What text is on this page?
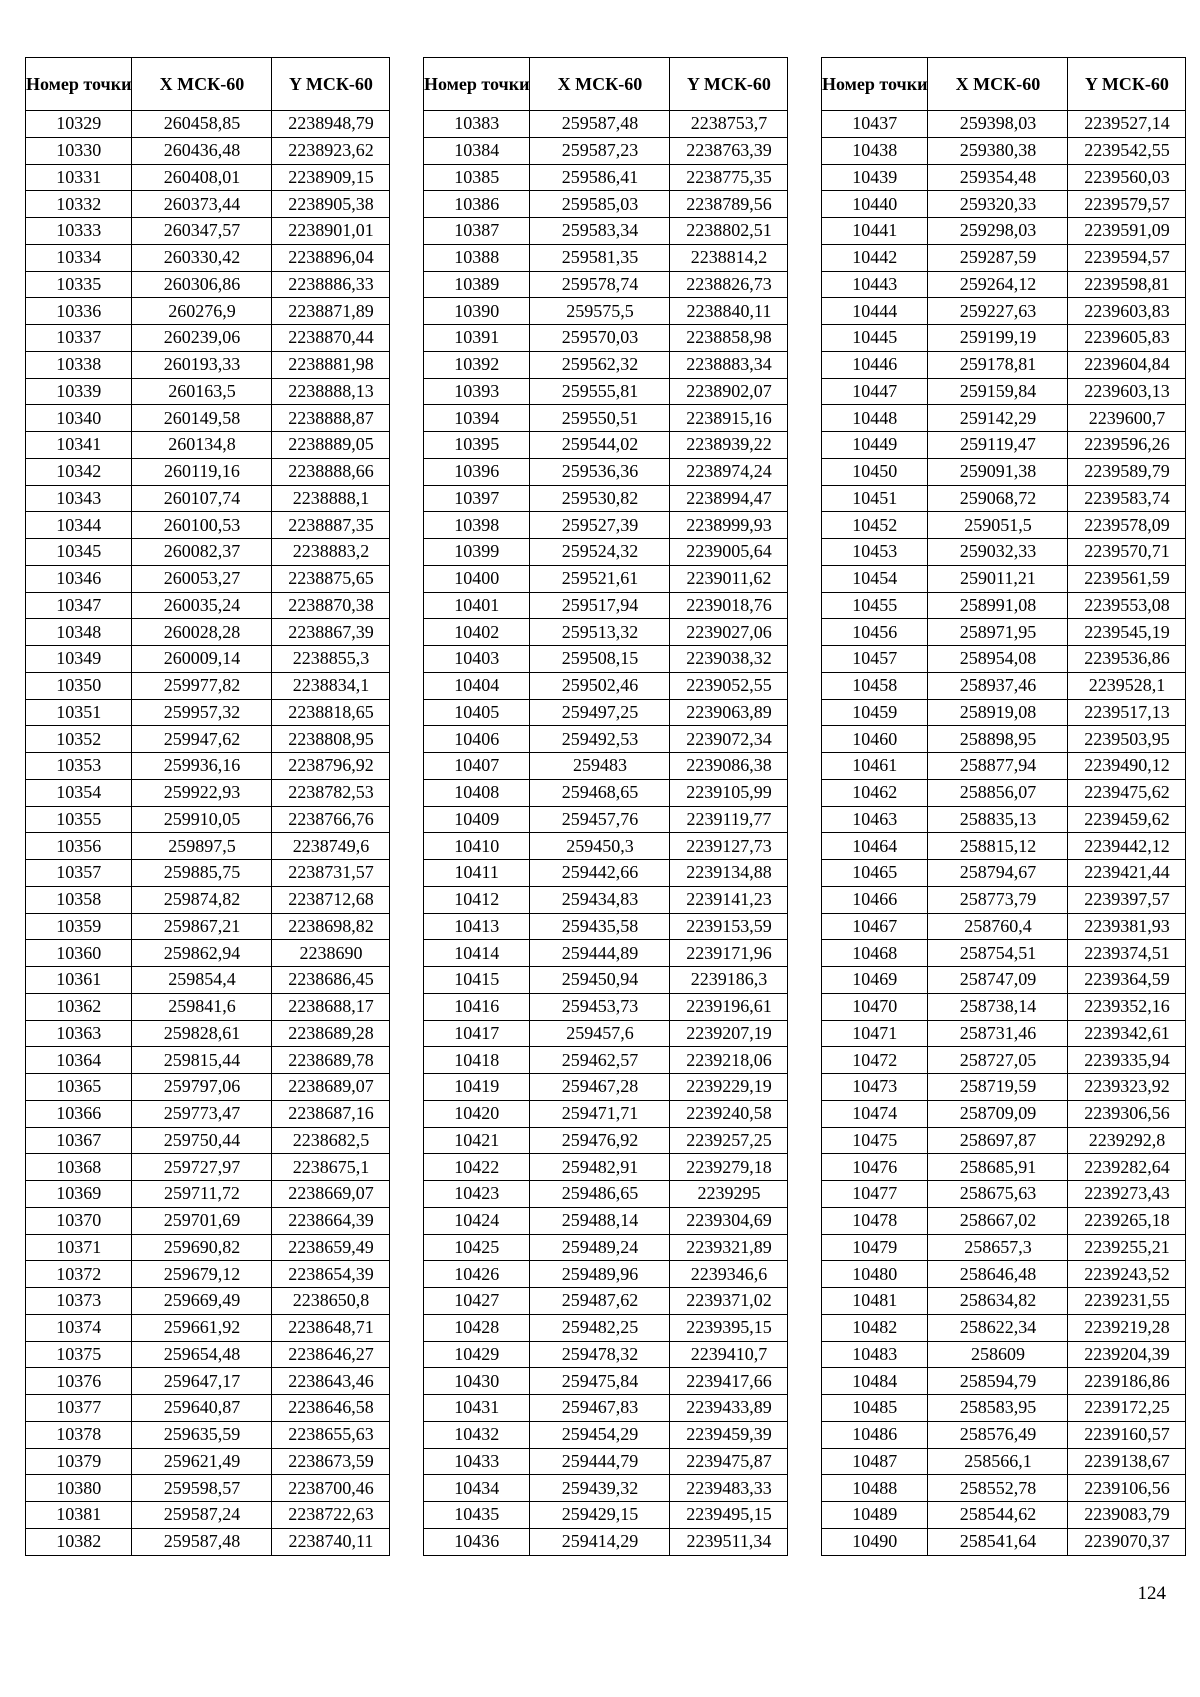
Номер точки	X МСК-60	Y МСК-60
10329	260458,85	2238948,79
10330	260436,48	2238923,62
10331	260408,01	2238909,15
10332	260373,44	2238905,38
10333	260347,57	2238901,01
10334	260330,42	2238896,04
10335	260306,86	2238886,33
10336	260276,9	2238871,89
10337	260239,06	2238870,44
10338	260193,33	2238881,98
10339	260163,5	2238888,13
10340	260149,58	2238888,87
10341	260134,8	2238889,05
10342	260119,16	2238888,66
10343	260107,74	2238888,1
10344	260100,53	2238887,35
10345	260082,37	2238883,2
10346	260053,27	2238875,65
10347	260035,24	2238870,38
10348	260028,28	2238867,39
10349	260009,14	2238855,3
10350	259977,82	2238834,1
10351	259957,32	2238818,65
10352	259947,62	2238808,95
10353	259936,16	2238796,92
10354	259922,93	2238782,53
10355	259910,05	2238766,76
10356	259897,5	2238749,6
10357	259885,75	2238731,57
10358	259874,82	2238712,68
10359	259867,21	2238698,82
10360	259862,94	2238690
10361	259854,4	2238686,45
10362	259841,6	2238688,17
10363	259828,61	2238689,28
10364	259815,44	2238689,78
10365	259797,06	2238689,07
10366	259773,47	2238687,16
10367	259750,44	2238682,5
10368	259727,97	2238675,1
10369	259711,72	2238669,07
10370	259701,69	2238664,39
10371	259690,82	2238659,49
10372	259679,12	2238654,39
10373	259669,49	2238650,8
10374	259661,92	2238648,71
10375	259654,48	2238646,27
10376	259647,17	2238643,46
10377	259640,87	2238646,58
10378	259635,59	2238655,63
10379	259621,49	2238673,59
10380	259598,57	2238700,46
10381	259587,24	2238722,63
10382	259587,48	2238740,11
Номер точки	X МСК-60	Y МСК-60
10383	259587,48	2238753,7
10384	259587,23	2238763,39
10385	259586,41	2238775,35
10386	259585,03	2238789,56
10387	259583,34	2238802,51
10388	259581,35	2238814,2
10389	259578,74	2238826,73
10390	259575,5	2238840,11
10391	259570,03	2238858,98
10392	259562,32	2238883,34
10393	259555,81	2238902,07
10394	259550,51	2238915,16
10395	259544,02	2238939,22
10396	259536,36	2238974,24
10397	259530,82	2238994,47
10398	259527,39	2238999,93
10399	259524,32	2239005,64
10400	259521,61	2239011,62
10401	259517,94	2239018,76
10402	259513,32	2239027,06
10403	259508,15	2239038,32
10404	259502,46	2239052,55
10405	259497,25	2239063,89
10406	259492,53	2239072,34
10407	259483	2239086,38
10408	259468,65	2239105,99
10409	259457,76	2239119,77
10410	259450,3	2239127,73
10411	259442,66	2239134,88
10412	259434,83	2239141,23
10413	259435,58	2239153,59
10414	259444,89	2239171,96
10415	259450,94	2239186,3
10416	259453,73	2239196,61
10417	259457,6	2239207,19
10418	259462,57	2239218,06
10419	259467,28	2239229,19
10420	259471,71	2239240,58
10421	259476,92	2239257,25
10422	259482,91	2239279,18
10423	259486,65	2239295
10424	259488,14	2239304,69
10425	259489,24	2239321,89
10426	259489,96	2239346,6
10427	259487,62	2239371,02
10428	259482,25	2239395,15
10429	259478,32	2239410,7
10430	259475,84	2239417,66
10431	259467,83	2239433,89
10432	259454,29	2239459,39
10433	259444,79	2239475,87
10434	259439,32	2239483,33
10435	259429,15	2239495,15
10436	259414,29	2239511,34
Номер точки	X МСК-60	Y МСК-60
10437	259398,03	2239527,14
10438	259380,38	2239542,55
10439	259354,48	2239560,03
10440	259320,33	2239579,57
10441	259298,03	2239591,09
10442	259287,59	2239594,57
10443	259264,12	2239598,81
10444	259227,63	2239603,83
10445	259199,19	2239605,83
10446	259178,81	2239604,84
10447	259159,84	2239603,13
10448	259142,29	2239600,7
10449	259119,47	2239596,26
10450	259091,38	2239589,79
10451	259068,72	2239583,74
10452	259051,5	2239578,09
10453	259032,33	2239570,71
10454	259011,21	2239561,59
10455	258991,08	2239553,08
10456	258971,95	2239545,19
10457	258954,08	2239536,86
10458	258937,46	2239528,1
10459	258919,08	2239517,13
10460	258898,95	2239503,95
10461	258877,94	2239490,12
10462	258856,07	2239475,62
10463	258835,13	2239459,62
10464	258815,12	2239442,12
10465	258794,67	2239421,44
10466	258773,79	2239397,57
10467	258760,4	2239381,93
10468	258754,51	2239374,51
10469	258747,09	2239364,59
10470	258738,14	2239352,16
10471	258731,46	2239342,61
10472	258727,05	2239335,94
10473	258719,59	2239323,92
10474	258709,09	2239306,56
10475	258697,87	2239292,8
10476	258685,91	2239282,64
10477	258675,63	2239273,43
10478	258667,02	2239265,18
10479	258657,3	2239255,21
10480	258646,48	2239243,52
10481	258634,82	2239231,55
10482	258622,34	2239219,28
10483	258609	2239204,39
10484	258594,79	2239186,86
10485	258583,95	2239172,25
10486	258576,49	2239160,57
10487	258566,1	2239138,67
10488	258552,78	2239106,56
10489	258544,62	2239083,79
10490	258541,64	2239070,37
124
